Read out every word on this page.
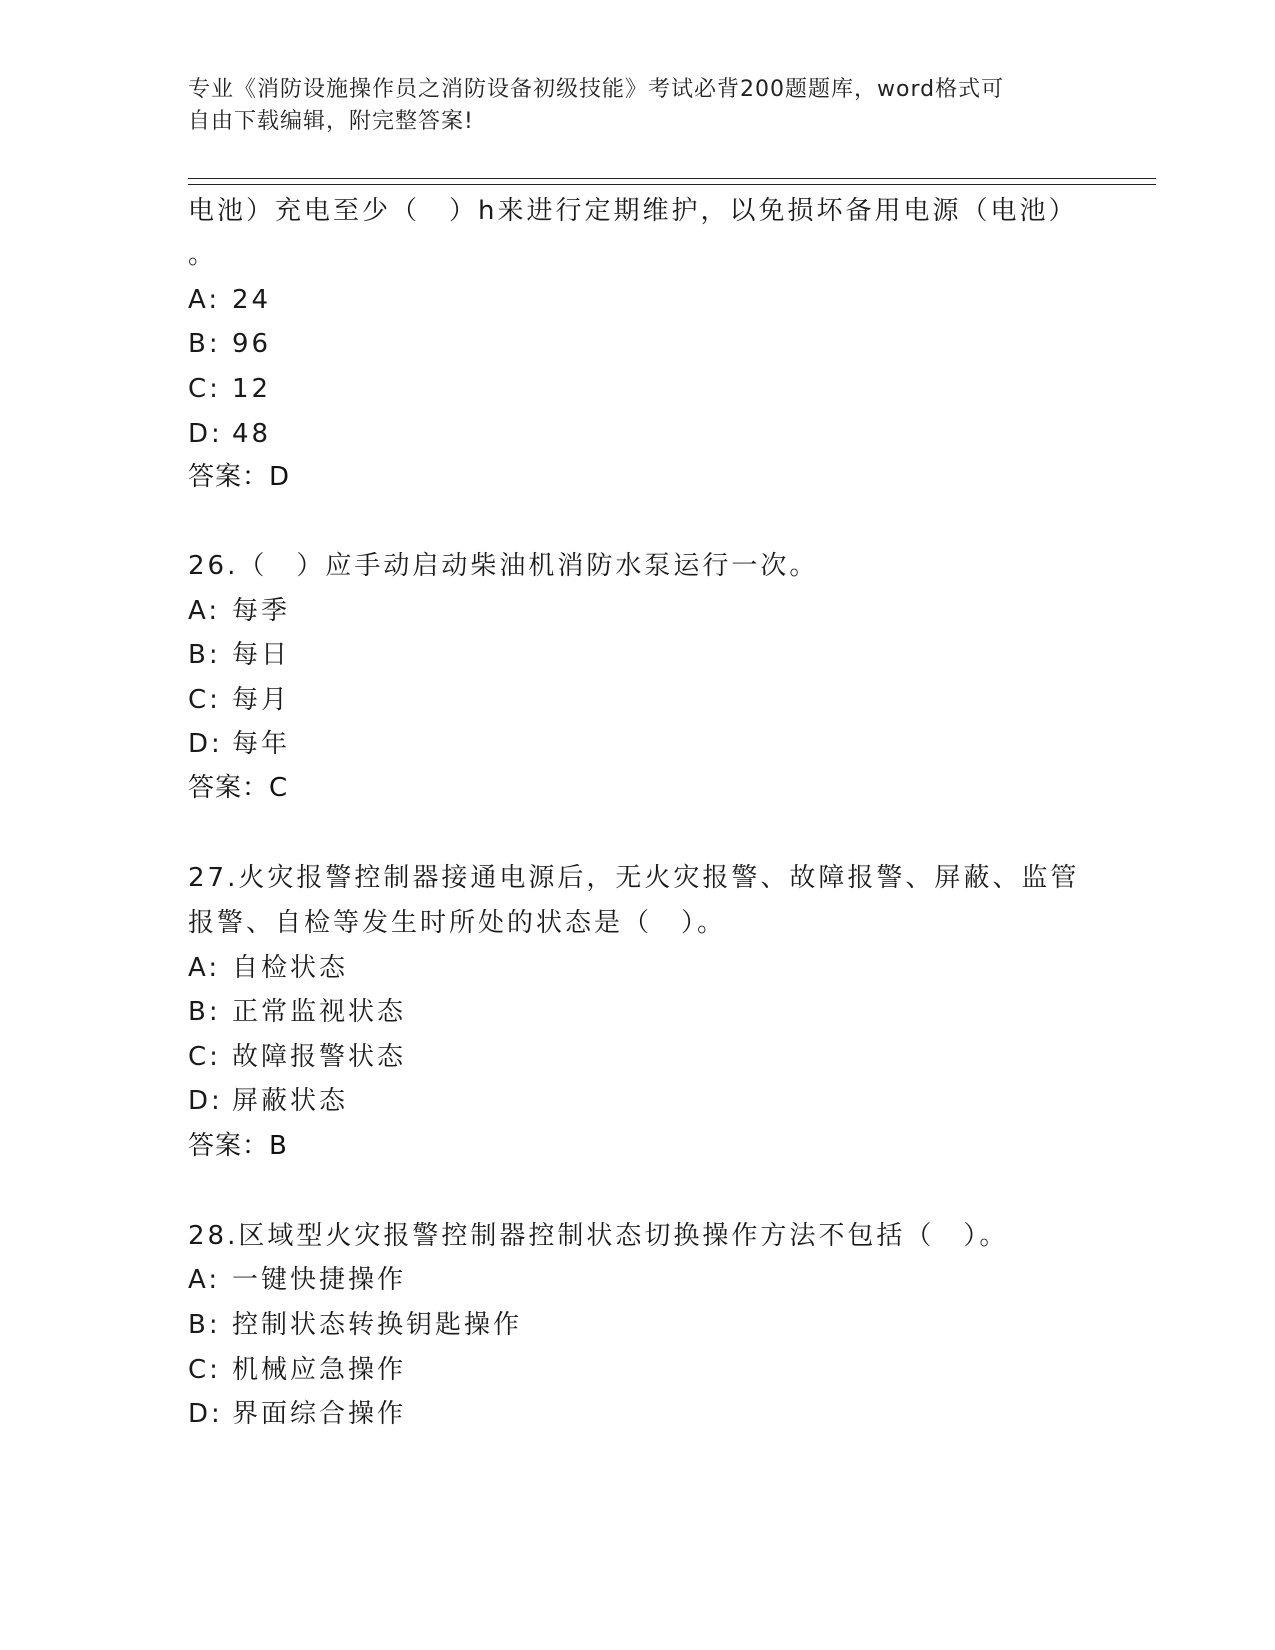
专业《消防设施操作员之消防设备初级技能》考试必背200题题库，word格式可
自由下载编辑，附完整答案!
电池）充电至少（　）h来进行定期维护，以免损坏备用电源（电池）
。
A: 24
B: 96
C: 12
D: 48
答案：D
26.（　）应手动启动柴油机消防水泵运行一次。
A: 每季
B: 每日
C: 每月
D: 每年
答案：C
27.火灾报警控制器接通电源后，无火灾报警、故障报警、屏蔽、监管
报警、自检等发生时所处的状态是（　）。
A: 自检状态
B: 正常监视状态
C: 故障报警状态
D: 屏蔽状态
答案：B
28.区域型火灾报警控制器控制状态切换操作方法不包括（　）。
A: 一键快捷操作
B: 控制状态转换钥匙操作
C: 机械应急操作
D: 界面综合操作
